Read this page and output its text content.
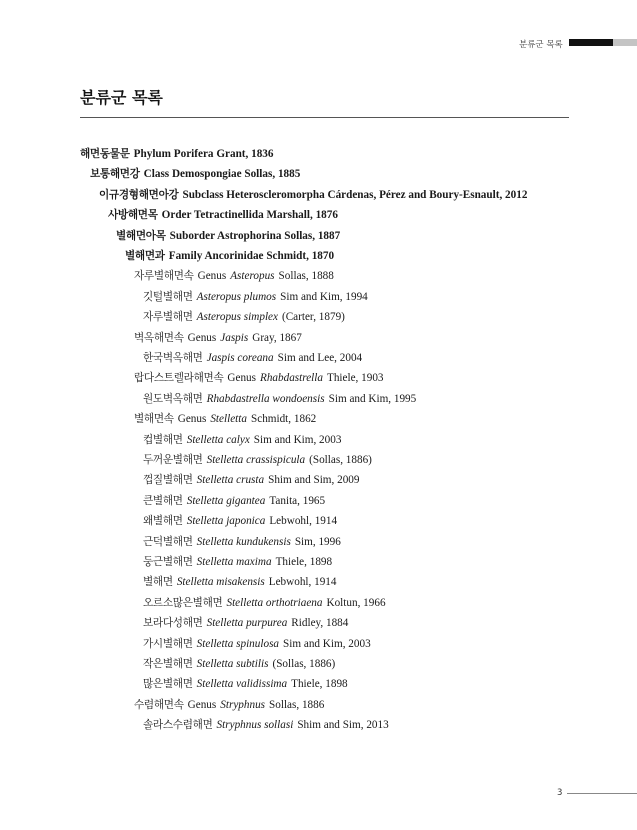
분류군 목록
분류군 목록
해면동물문 Phylum Porifera Grant, 1836
보통해면강 Class Demospongiae Sollas, 1885
이규경형해면아강 Subclass Heteroscleromorpha Cárdenas, Pérez and Boury-Esnault, 2012
사방해면목 Order Tetractinellida Marshall, 1876
별해면아목 Suborder Astrophorina Sollas, 1887
별해면과 Family Ancorinidae Schmidt, 1870
자루별해면속 Genus Asteropus Sollas, 1888
깃털별해면 Asteropus plumos Sim and Kim, 1994
자루별해면 Asteropus simplex (Carter, 1879)
벽옥해면속 Genus Jaspis Gray, 1867
한국벽옥해면 Jaspis coreana Sim and Lee, 2004
랍다스트렐라해면속 Genus Rhabdastrella Thiele, 1903
원도벽옥해면 Rhabdastrella wondoensis Sim and Kim, 1995
별해면속 Genus Stelletta Schmidt, 1862
컵별해면 Stelletta calyx Sim and Kim, 2003
두꺼운별해면 Stelletta crassispicula (Sollas, 1886)
껍질별해면 Stelletta crusta Shim and Sim, 2009
큰별해면 Stelletta gigantea Tanita, 1965
왜별해면 Stelletta japonica Lebwohl, 1914
근덕별해면 Stelletta kundukensis Sim, 1996
둥근별해면 Stelletta maxima Thiele, 1898
별해면 Stelletta misakensis Lebwohl, 1914
오르소많은별해면 Stelletta orthotriaena Koltun, 1966
보라다성해면 Stelletta purpurea Ridley, 1884
가시별해면 Stelletta spinulosa Sim and Kim, 2003
작은별해면 Stelletta subtilis (Sollas, 1886)
많은별해면 Stelletta validissima Thiele, 1898
수렴해면속 Genus Stryphnus Sollas, 1886
솔라스수렴해면 Stryphnus sollasi Shim and Sim, 2013
3
